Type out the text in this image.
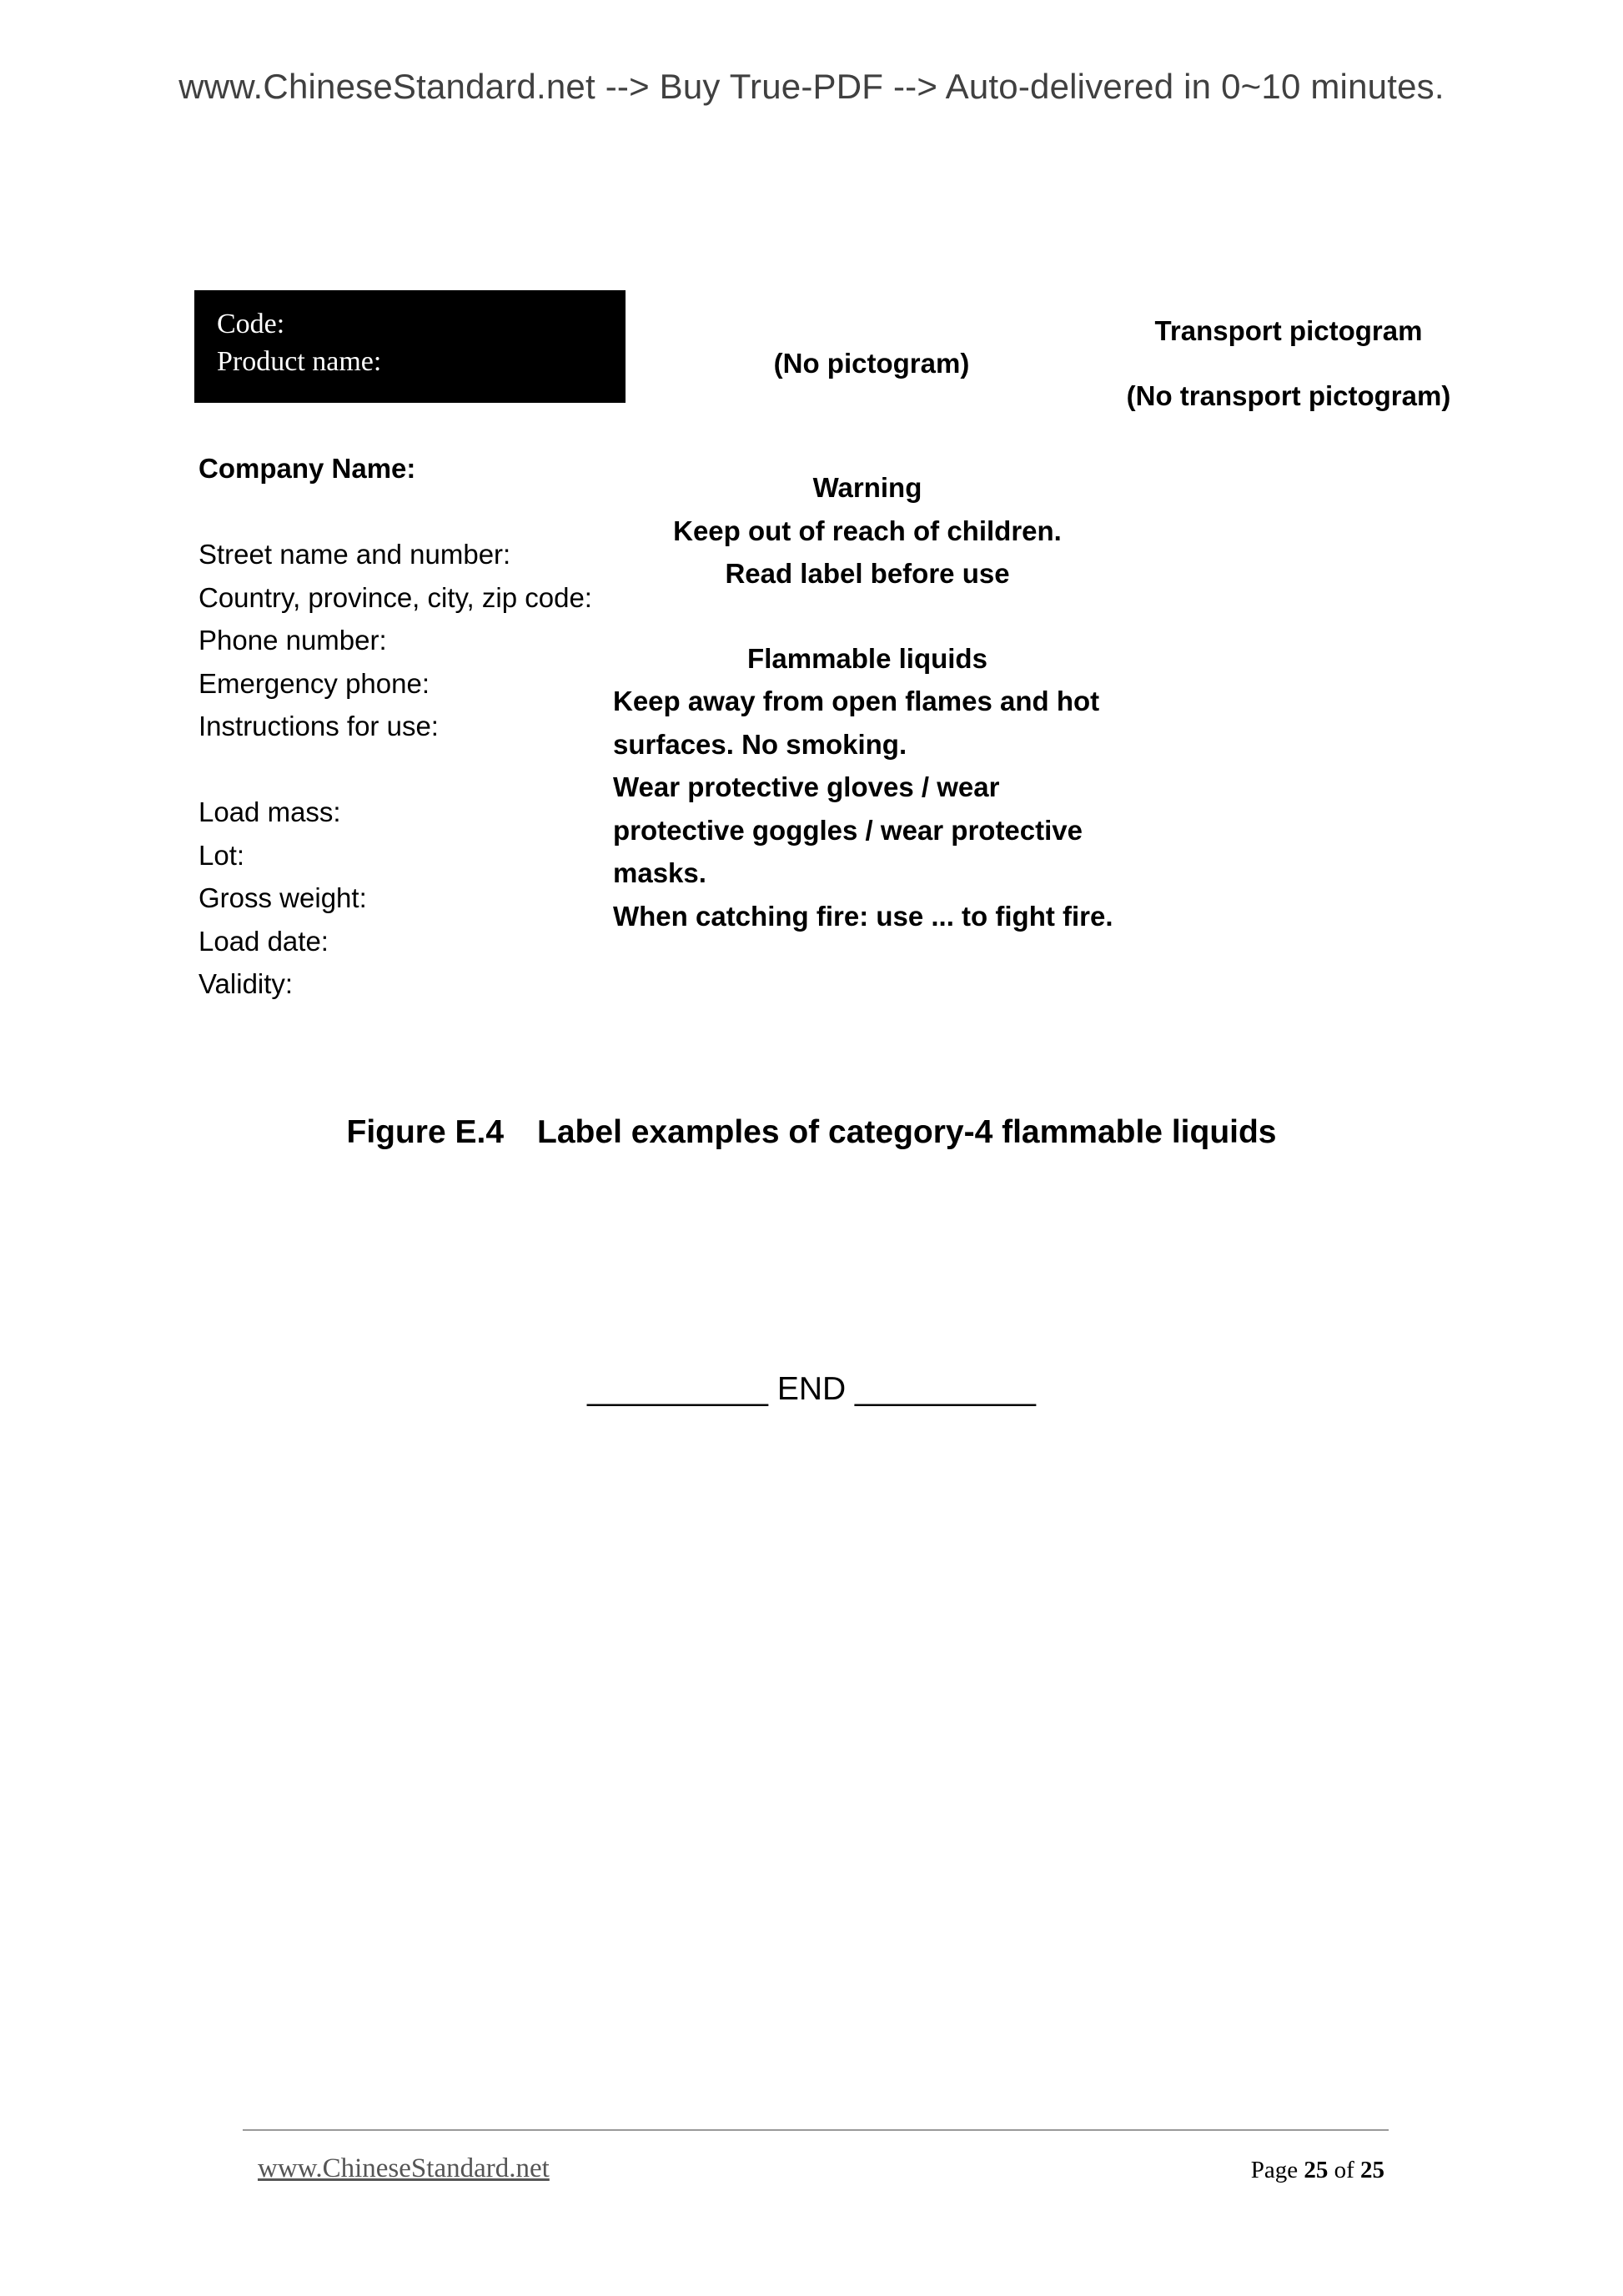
www.ChineseStandard.net --> Buy True-PDF --> Auto-delivered in 0~10 minutes.
Code:
Product name:	(No pictogram)
Transport pictogram
(No transport pictogram)
Company Name:
Street name and number:
Country, province, city, zip code:
Phone number:
Emergency phone:
Instructions for use:
Load mass:
Lot:
Gross weight:
Load date:
Validity:
Warning
Keep out of reach of children.
Read label before use
Flammable liquids
Keep away from open flames and hot
surfaces. No smoking.
Wear protective gloves / wear
protective goggles / wear protective
masks.
When catching fire: use ... to fight fire.
Figure E.4 Label examples of category-4 flammable liquids
__________ END __________
www.ChineseStandard.net	Page 25 of 25
